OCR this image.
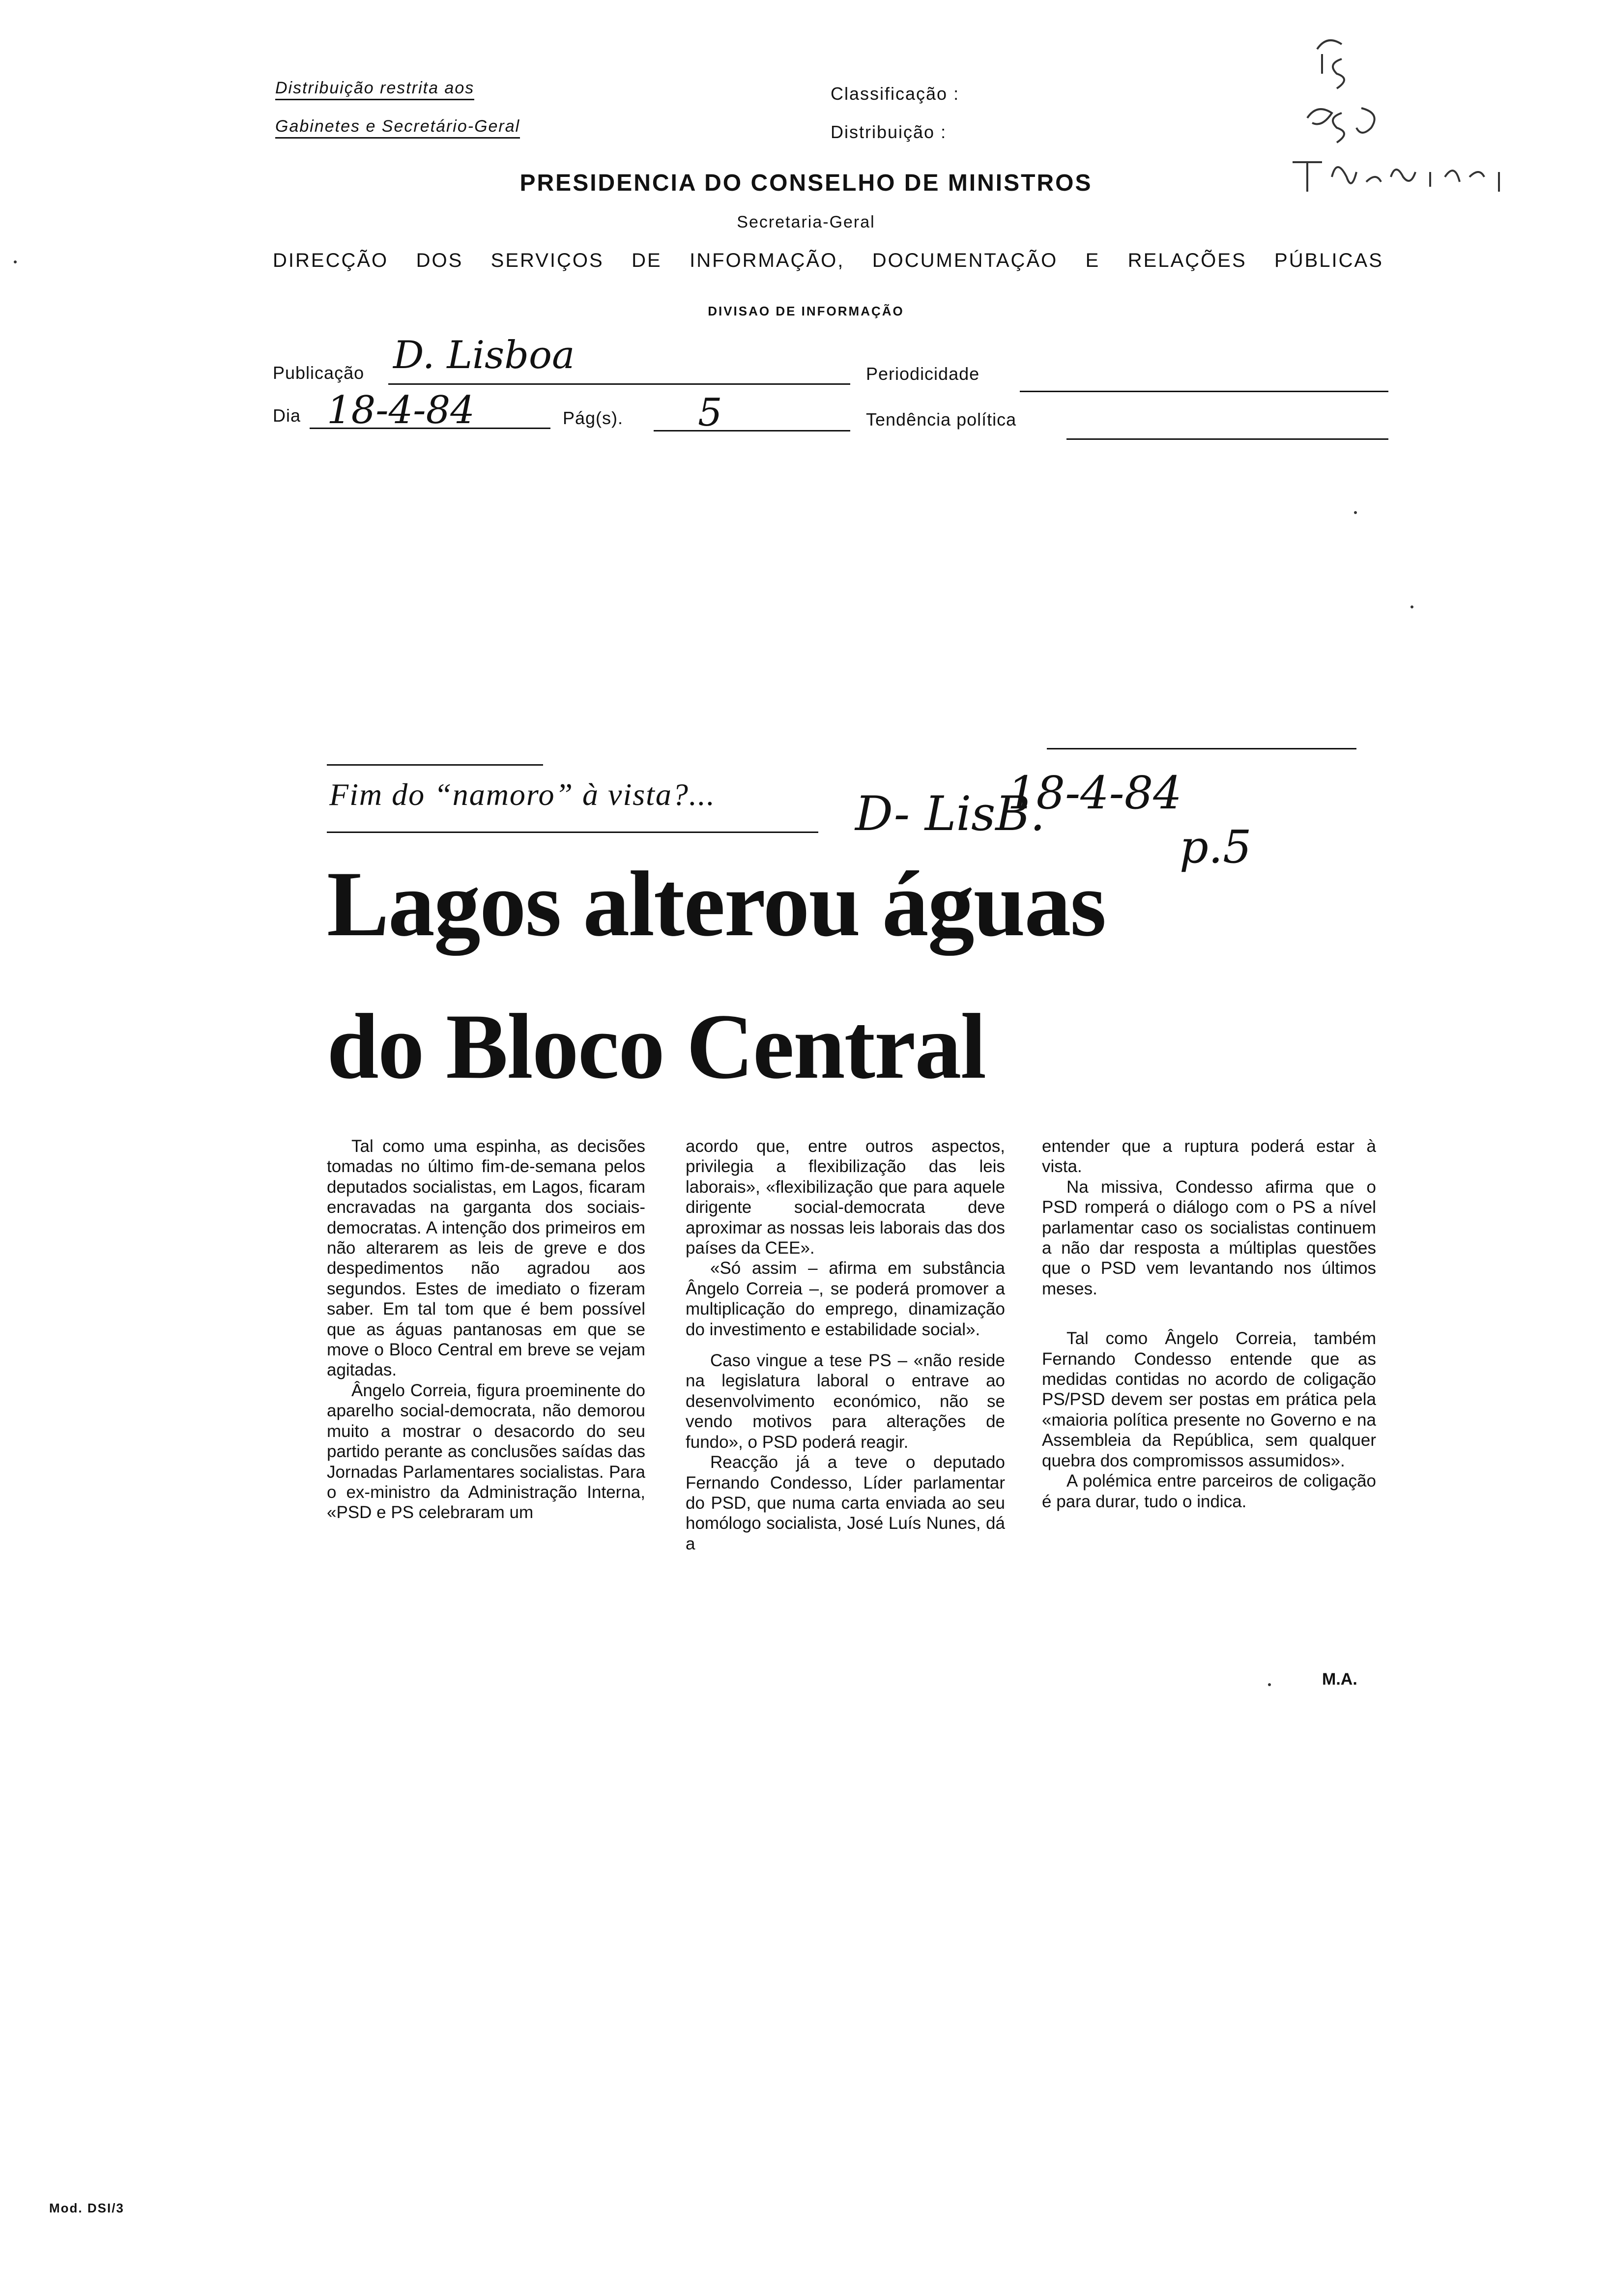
Distribuição restrita aos
Gabinetes e Secretário-Geral
Classificação :
Distribuição :
PRESIDENCIA DO CONSELHO DE MINISTROS
Secretaria-Geral
DIRECÇÃO DOS SERVIÇOS DE INFORMAÇÃO, DOCUMENTAÇÃO E RELAÇÕES PÚBLICAS
DIVISAO DE INFORMAÇÃO
Publicação D. Lisboa	Periodicidade
Dia 18-4-84	Pág(s). 5	Tendência política
Fim do “namoro” à vista?...	D- LisB.
18-4-84
p.5
Lagos alterou águas
do Bloco Central

Tal como uma espinha, as decisões tomadas no último fim-de-semana pelos deputados socialistas, em Lagos, ficaram encravadas na garganta dos sociais-democratas. A intenção dos primeiros em não alterarem as leis de greve e dos despedimentos não agradou aos segundos. Estes de imediato o fizeram saber. Em tal tom que é bem possível que as águas pantanosas em que se move o Bloco Central em breve se vejam agitadas.

Ângelo Correia, figura proeminente do aparelho social-democrata, não demorou muito a mostrar o desacordo do seu partido perante as conclusões saídas das Jornadas Parlamentares socialistas. Para o ex-ministro da Administração Interna, «PSD e PS celebraram um

acordo que, entre outros aspectos, privilegia a flexibilização das leis laborais», «flexibilização que para aquele dirigente social-democrata deve aproximar as nossas leis laborais das dos países da CEE».

«Só assim – afirma em substância Ângelo Correia –, se poderá promover a multiplicação do emprego, dinamização do investimento e estabilidade social».

Caso vingue a tese PS – «não reside na legislatura laboral o entrave ao desenvolvimento económico, não se vendo motivos para alterações de fundo», o PSD poderá reagir.

Reacção já a teve o deputado Fernando Condesso, Líder parlamentar do PSD, que numa carta enviada ao seu homólogo socialista, José Luís Nunes, dá a

entender que a ruptura poderá estar à vista.

Na missiva, Condesso afirma que o PSD romperá o diálogo com o PS a nível parlamentar caso os socialistas continuem a não dar resposta a múltiplas questões que o PSD vem levantando nos últimos meses.

Tal como Ângelo Correia, também Fernando Condesso entende que as medidas contidas no acordo de coligação PS/PSD devem ser postas em prática pela «maioria política presente no Governo e na Assembleia da República, sem qualquer quebra dos compromissos assumidos».

A polémica entre parceiros de coligação é para durar, tudo o indica.

M.A.
Mod. DSI/3
